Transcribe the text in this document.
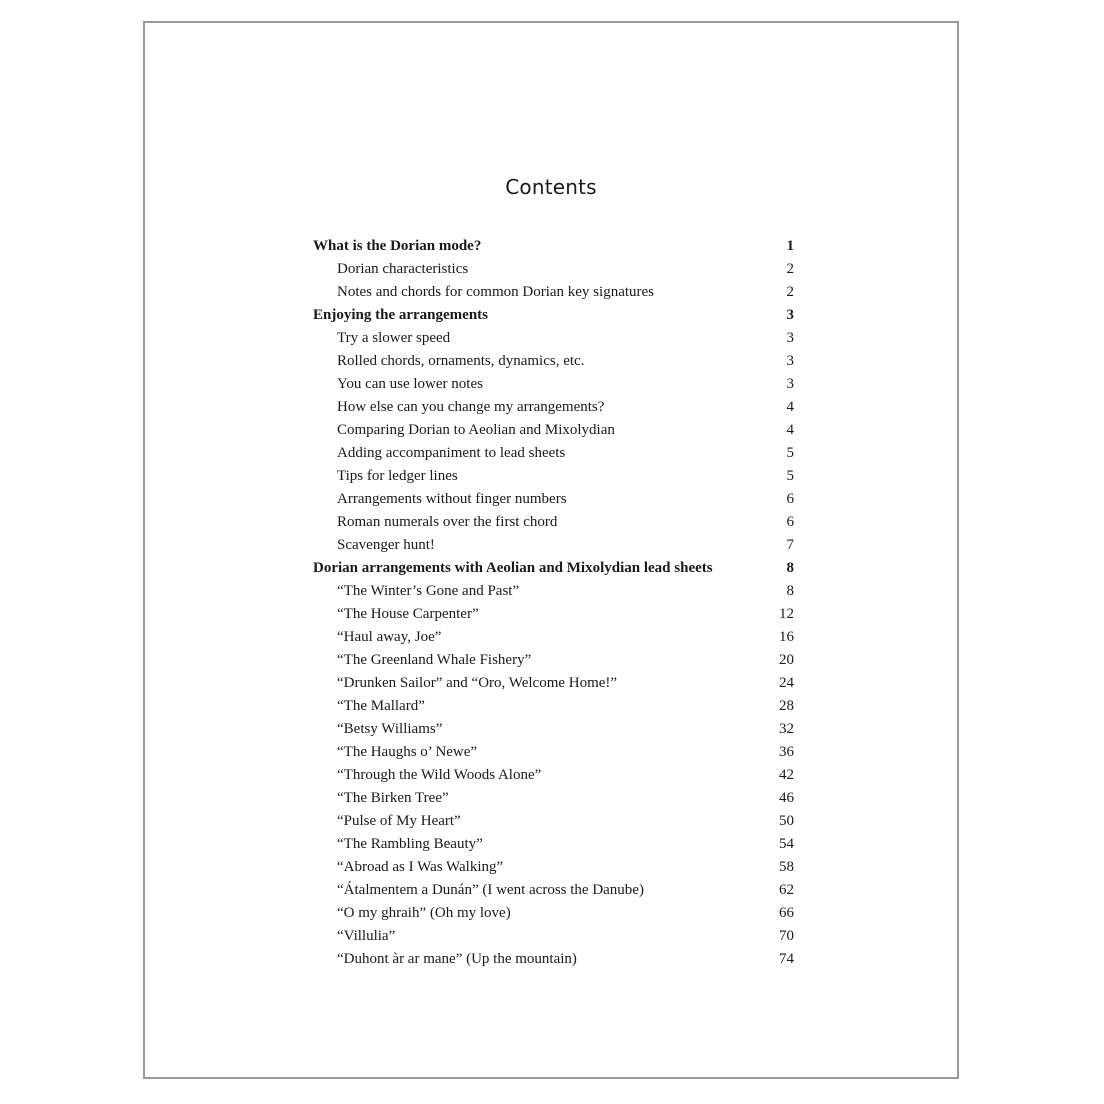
Contents
What is the Dorian mode?	1
Dorian characteristics	2
Notes and chords for common Dorian key signatures	2
Enjoying the arrangements	3
Try a slower speed	3
Rolled chords, ornaments, dynamics, etc.	3
You can use lower notes	3
How else can you change my arrangements?	4
Comparing Dorian to Aeolian and Mixolydian	4
Adding accompaniment to lead sheets	5
Tips for ledger lines	5
Arrangements without finger numbers	6
Roman numerals over the first chord	6
Scavenger hunt!	7
Dorian arrangements with Aeolian and Mixolydian lead sheets	8
“The Winter’s Gone and Past”	8
“The House Carpenter”	12
“Haul away, Joe”	16
“The Greenland Whale Fishery”	20
“Drunken Sailor” and “Oro, Welcome Home!”	24
“The Mallard”	28
“Betsy Williams”	32
“The Haughs o’ Newe”	36
“Through the Wild Woods Alone”	42
“The Birken Tree”	46
“Pulse of My Heart”	50
“The Rambling Beauty”	54
“Abroad as I Was Walking”	58
“Átalmentem a Dunán” (I went across the Danube)	62
“O my ghraih” (Oh my love)	66
“Villulia”	70
“Duhont àr ar mane” (Up the mountain)	74
